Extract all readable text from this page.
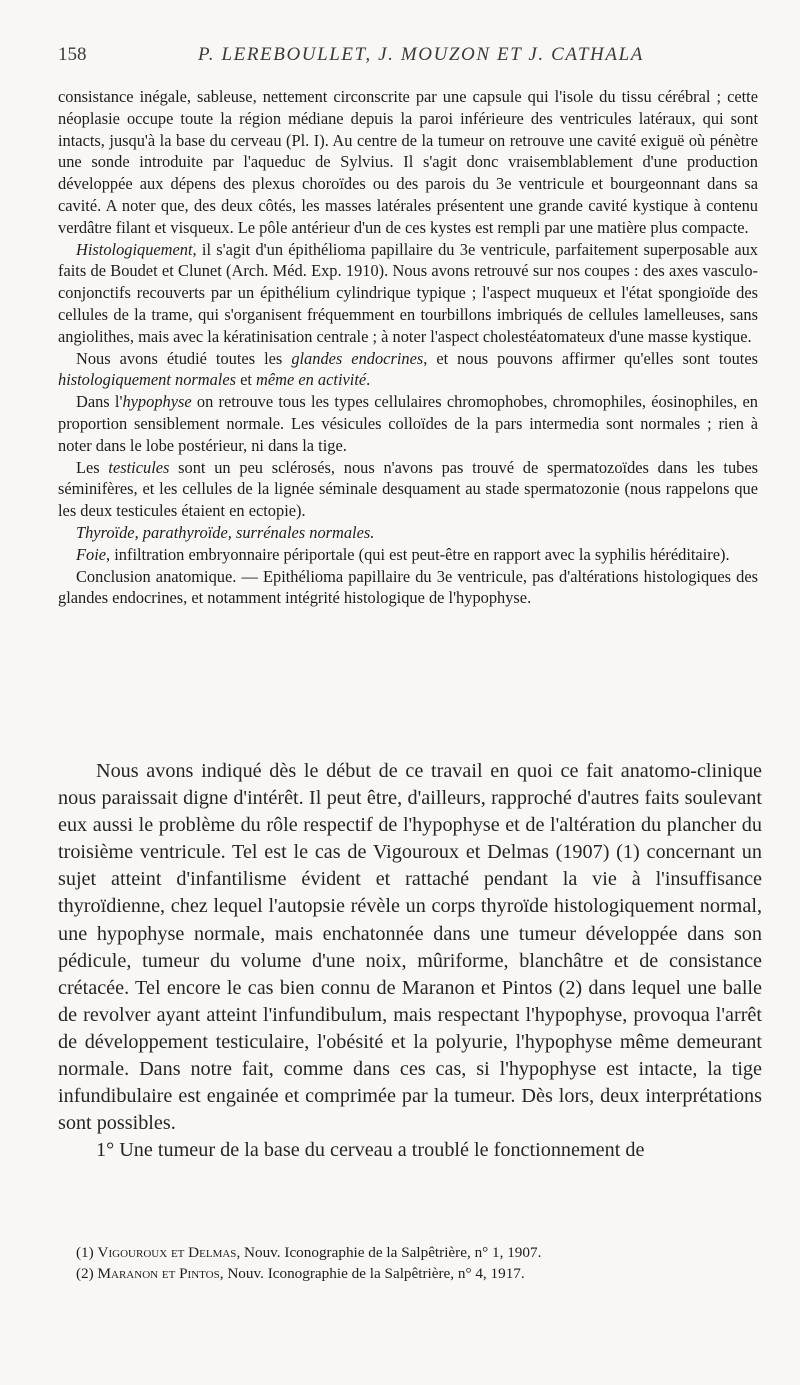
158	P. LEREBOULLET, J. MOUZON ET J. CATHALA

consistance inégale, sableuse, nettement circonscrite par une capsule qui l'isole du tissu cérébral ; cette néoplasie occupe toute la région médiane depuis la paroi inférieure des ventricules latéraux, qui sont intacts, jusqu'à la base du cerveau (Pl. I). Au centre de la tumeur on retrouve une cavité exiguë où pénètre une sonde introduite par l'aqueduc de Sylvius. Il s'agit donc vraisemblablement d'une production développée aux dépens des plexus choroïdes ou des parois du 3e ventricule et bourgeonnant dans sa cavité. A noter que, des deux côtés, les masses latérales présentent une grande cavité kystique à contenu verdâtre filant et visqueux. Le pôle antérieur d'un de ces kystes est rempli par une matière plus compacte.

Histologiquement, il s'agit d'un épithélioma papillaire du 3e ventricule, parfaitement superposable aux faits de Boudet et Clunet (Arch. Méd. Exp. 1910). Nous avons retrouvé sur nos coupes : des axes vasculo-conjonctifs recouverts par un épithélium cylindrique typique ; l'aspect muqueux et l'état spongioïde des cellules de la trame, qui s'organisent fréquemment en tourbillons imbriqués de cellules lamelleuses, sans angiolithes, mais avec la kératinisation centrale ; à noter l'aspect cholestéatomateux d'une masse kystique.

Nous avons étudié toutes les glandes endocrines, et nous pouvons affirmer qu'elles sont toutes histologiquement normales et même en activité.

Dans l'hypophyse on retrouve tous les types cellulaires chromophobes, chromophiles, éosinophiles, en proportion sensiblement normale. Les vésicules colloïdes de la pars intermedia sont normales ; rien à noter dans le lobe postérieur, ni dans la tige.

Les testicules sont un peu sclérosés, nous n'avons pas trouvé de spermatozoïdes dans les tubes séminifères, et les cellules de la lignée séminale desquament au stade spermatozonie (nous rappelons que les deux testicules étaient en ectopie).

Thyroïde, parathyroïde, surrénales normales.

Foie, infiltration embryonnaire périportale (qui est peut-être en rapport avec la syphilis héréditaire).

Conclusion anatomique. — Epithélioma papillaire du 3e ventricule, pas d'altérations histologiques des glandes endocrines, et notamment intégrité histologique de l'hypophyse.

Nous avons indiqué dès le début de ce travail en quoi ce fait anatomo-clinique nous paraissait digne d'intérêt. Il peut être, d'ailleurs, rapproché d'autres faits soulevant eux aussi le problème du rôle respectif de l'hypophyse et de l'altération du plancher du troisième ventricule. Tel est le cas de Vigouroux et Delmas (1907) (1) concernant un sujet atteint d'infantilisme évident et rattaché pendant la vie à l'insuffisance thyroïdienne, chez lequel l'autopsie révèle un corps thyroïde histologiquement normal, une hypophyse normale, mais enchatonnée dans une tumeur développée dans son pédicule, tumeur du volume d'une noix, mûriforme, blanchâtre et de consistance crétacée. Tel encore le cas bien connu de Maranon et Pintos (2) dans lequel une balle de revolver ayant atteint l'infundibulum, mais respectant l'hypophyse, provoqua l'arrêt de développement testiculaire, l'obésité et la polyurie, l'hypophyse même demeurant normale. Dans notre fait, comme dans ces cas, si l'hypophyse est intacte, la tige infundibulaire est engainée et comprimée par la tumeur. Dès lors, deux interprétations sont possibles.

1° Une tumeur de la base du cerveau a troublé le fonctionnement de

(1) Vigouroux et Delmas, Nouv. Iconographie de la Salpêtrière, n° 1, 1907.

(2) Maranon et Pintos, Nouv. Iconographie de la Salpêtrière, n° 4, 1917.
